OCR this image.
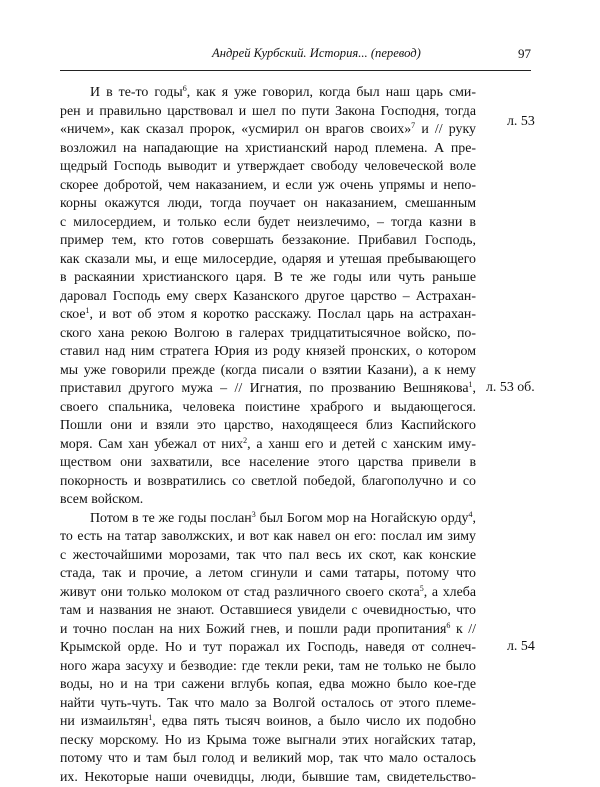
Андрей Курбский. История... (перевод)	97
И в те-то годы$^6$, как я уже говорил, когда был наш царь сми-
рен и правильно царствовал и шел по пути Закона Господня, тогда
«ничем», как сказал пророк, «усмирил он врагов своих»$^7$ и // руку
возложил на нападающие на христианский народ племена. А пре-
щедрый Господь выводит и утверждает свободу человеческой воле
скорее добротой, чем наказанием, и если уж очень упрямы и непо-
корны окажутся люди, тогда поучает он наказанием, смешанным
с милосердием, и только если будет неизлечимо, – тогда казни в
пример тем, кто готов совершать беззаконие. Прибавил Господь,
как сказали мы, и еще милосердие, одаряя и утешая пребывающего
в раскаянии христианского царя. В те же годы или чуть раньше
даровал Господь ему сверх Казанского другое царство – Астрахан-
ское$^1$, и вот об этом я коротко расскажу. Послал царь на астрахан-
ского хана рекою Волгою в галерах тридцатитысячное войско, по-
ставил над ним стратега Юрия из роду князей пронских, о котором
мы уже говорили прежде (когда писали о взятии Казани), а к нему
приставил другого мужа – // Игнатия, по прозванию Вешнякова$^1$,
своего спальника, человека поистине храброго и выдающегося.
Пошли они и взяли это царство, находящееся близ Каспийского
моря. Сам хан убежал от них$^2$, а ханш его и детей с ханским иму-
ществом они захватили, все население этого царства привели в
покорность и возвратились со светлой победой, благополучно и со
всем войском.
Потом в те же годы послан$^3$ был Богом мор на Ногайскую орду$^4$,
то есть на татар заволжских, и вот как навел он его: послал им зиму
с жесточайшими морозами, так что пал весь их скот, как конские
стада, так и прочие, а летом сгинули и сами татары, потому что
живут они только молоком от стад различного своего скота$^5$, а хлеба
там и названия не знают. Оставшиеся увидели с очевидностью, что
и точно послан на них Божий гнев, и пошли ради пропитания$^6$ к //
Крымской орде. Но и тут поражал их Господь, наведя от солнеч-
ного жара засуху и безводие: где текли реки, там не только не было
воды, но и на три сажени вглубь копая, едва можно было кое-где
найти чуть-чуть. Так что мало за Волгой осталось от этого племе-
ни измаильтян$^1$, едва пять тысяч воинов, а было число их подобно
песку морскому. Но из Крыма тоже выгнали этих ногайских татар,
потому что и там был голод и великий мор, так что мало осталось
их. Некоторые наши очевидцы, люди, бывшие там, свидетельство-
л. 53
л. 53 об.
л. 54
